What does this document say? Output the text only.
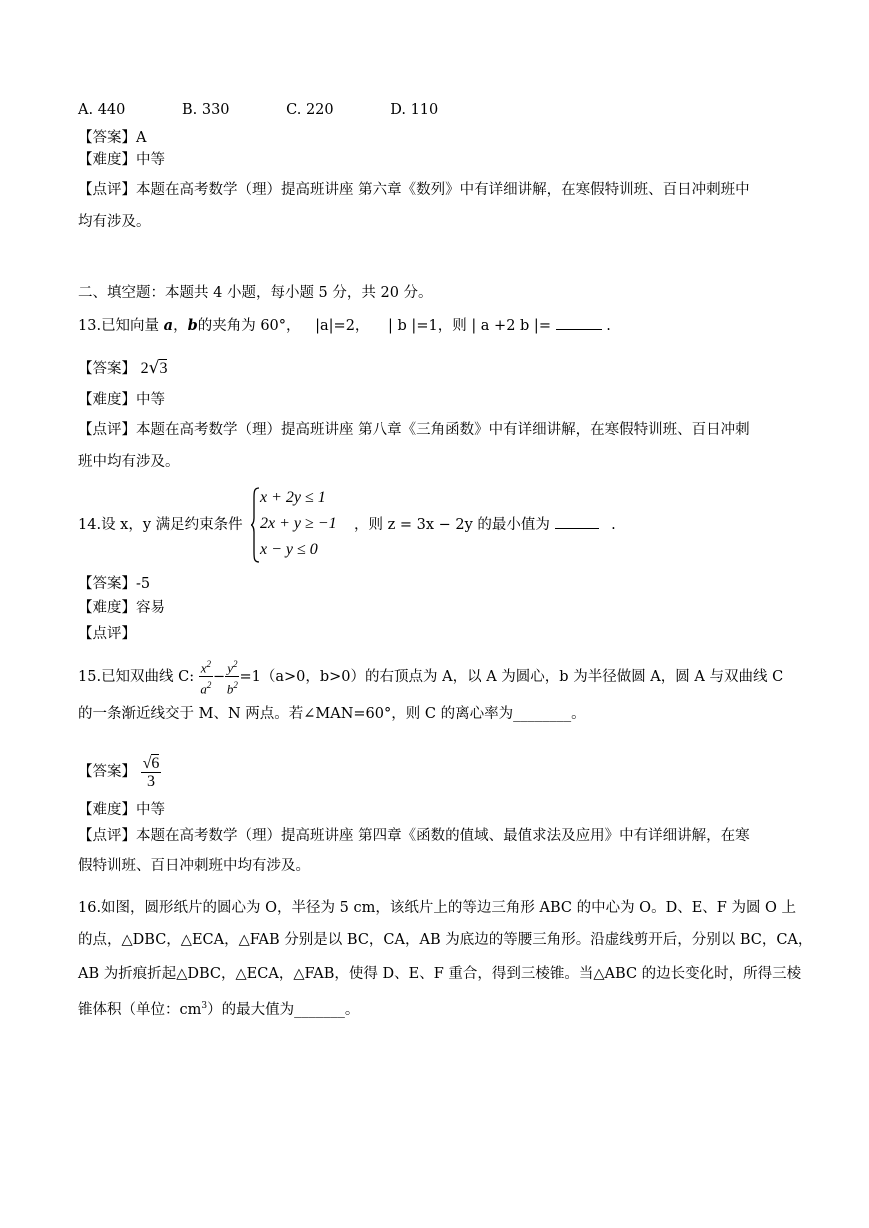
A. 440	B. 330	C. 220	D. 110
【答案】A
【难度】中等
【点评】本题在高考数学（理）提高班讲座 第六章《数列》中有详细讲解，在寒假特训班、百日冲刺班中
均有涉及。
二、填空题：本题共 4 小题，每小题 5 分，共 20 分。
13.已知向量 a，b的夹角为 60°， |a|=2， | b |=1，则 | a +2 b |=	.
【答案】 2√3
【难度】中等
【点评】本题在高考数学（理）提高班讲座 第八章《三角函数》中有详细讲解，在寒假特训班、百日冲刺
班中均有涉及。
14.设 x，y 满足约束条件
x + 2y ≤ 1
2x + y ≥ −1
x − y ≤ 0
，则 z = 3x − 2y 的最小值为	.
【答案】-5
【难度】容易
【点评】
15.已知双曲线 C: $\frac{x^2}{a^2} - \frac{y^2}{b^2} =1(a>0$，b>0）的右顶点为 A，以 A 为圆心，b 为半径做圆 A，圆 A 与双曲线 C
的一条渐近线交于 M、N 两点。若∠MAN=60°，则 C 的离心率为________。
【答案】 $\frac{√6}{3}$
【难度】中等
【点评】本题在高考数学（理）提高班讲座 第四章《函数的值域、最值求法及应用》中有详细讲解，在寒
假特训班、百日冲刺班中均有涉及。
16.如图，圆形纸片的圆心为 O，半径为 5 cm，该纸片上的等边三角形 ABC 的中心为 O。D、E、F 为圆 O 上
的点，△DBC，△ECA，△FAB 分别是以 BC，CA，AB 为底边的等腰三角形。沿虚线剪开后，分别以 BC，CA，
AB 为折痕折起△DBC，△ECA，△FAB，使得 D、E、F 重合，得到三棱锥。当△ABC 的边长变化时，所得三棱
锥体积（单位：$cm^3$）的最大值为_______。
